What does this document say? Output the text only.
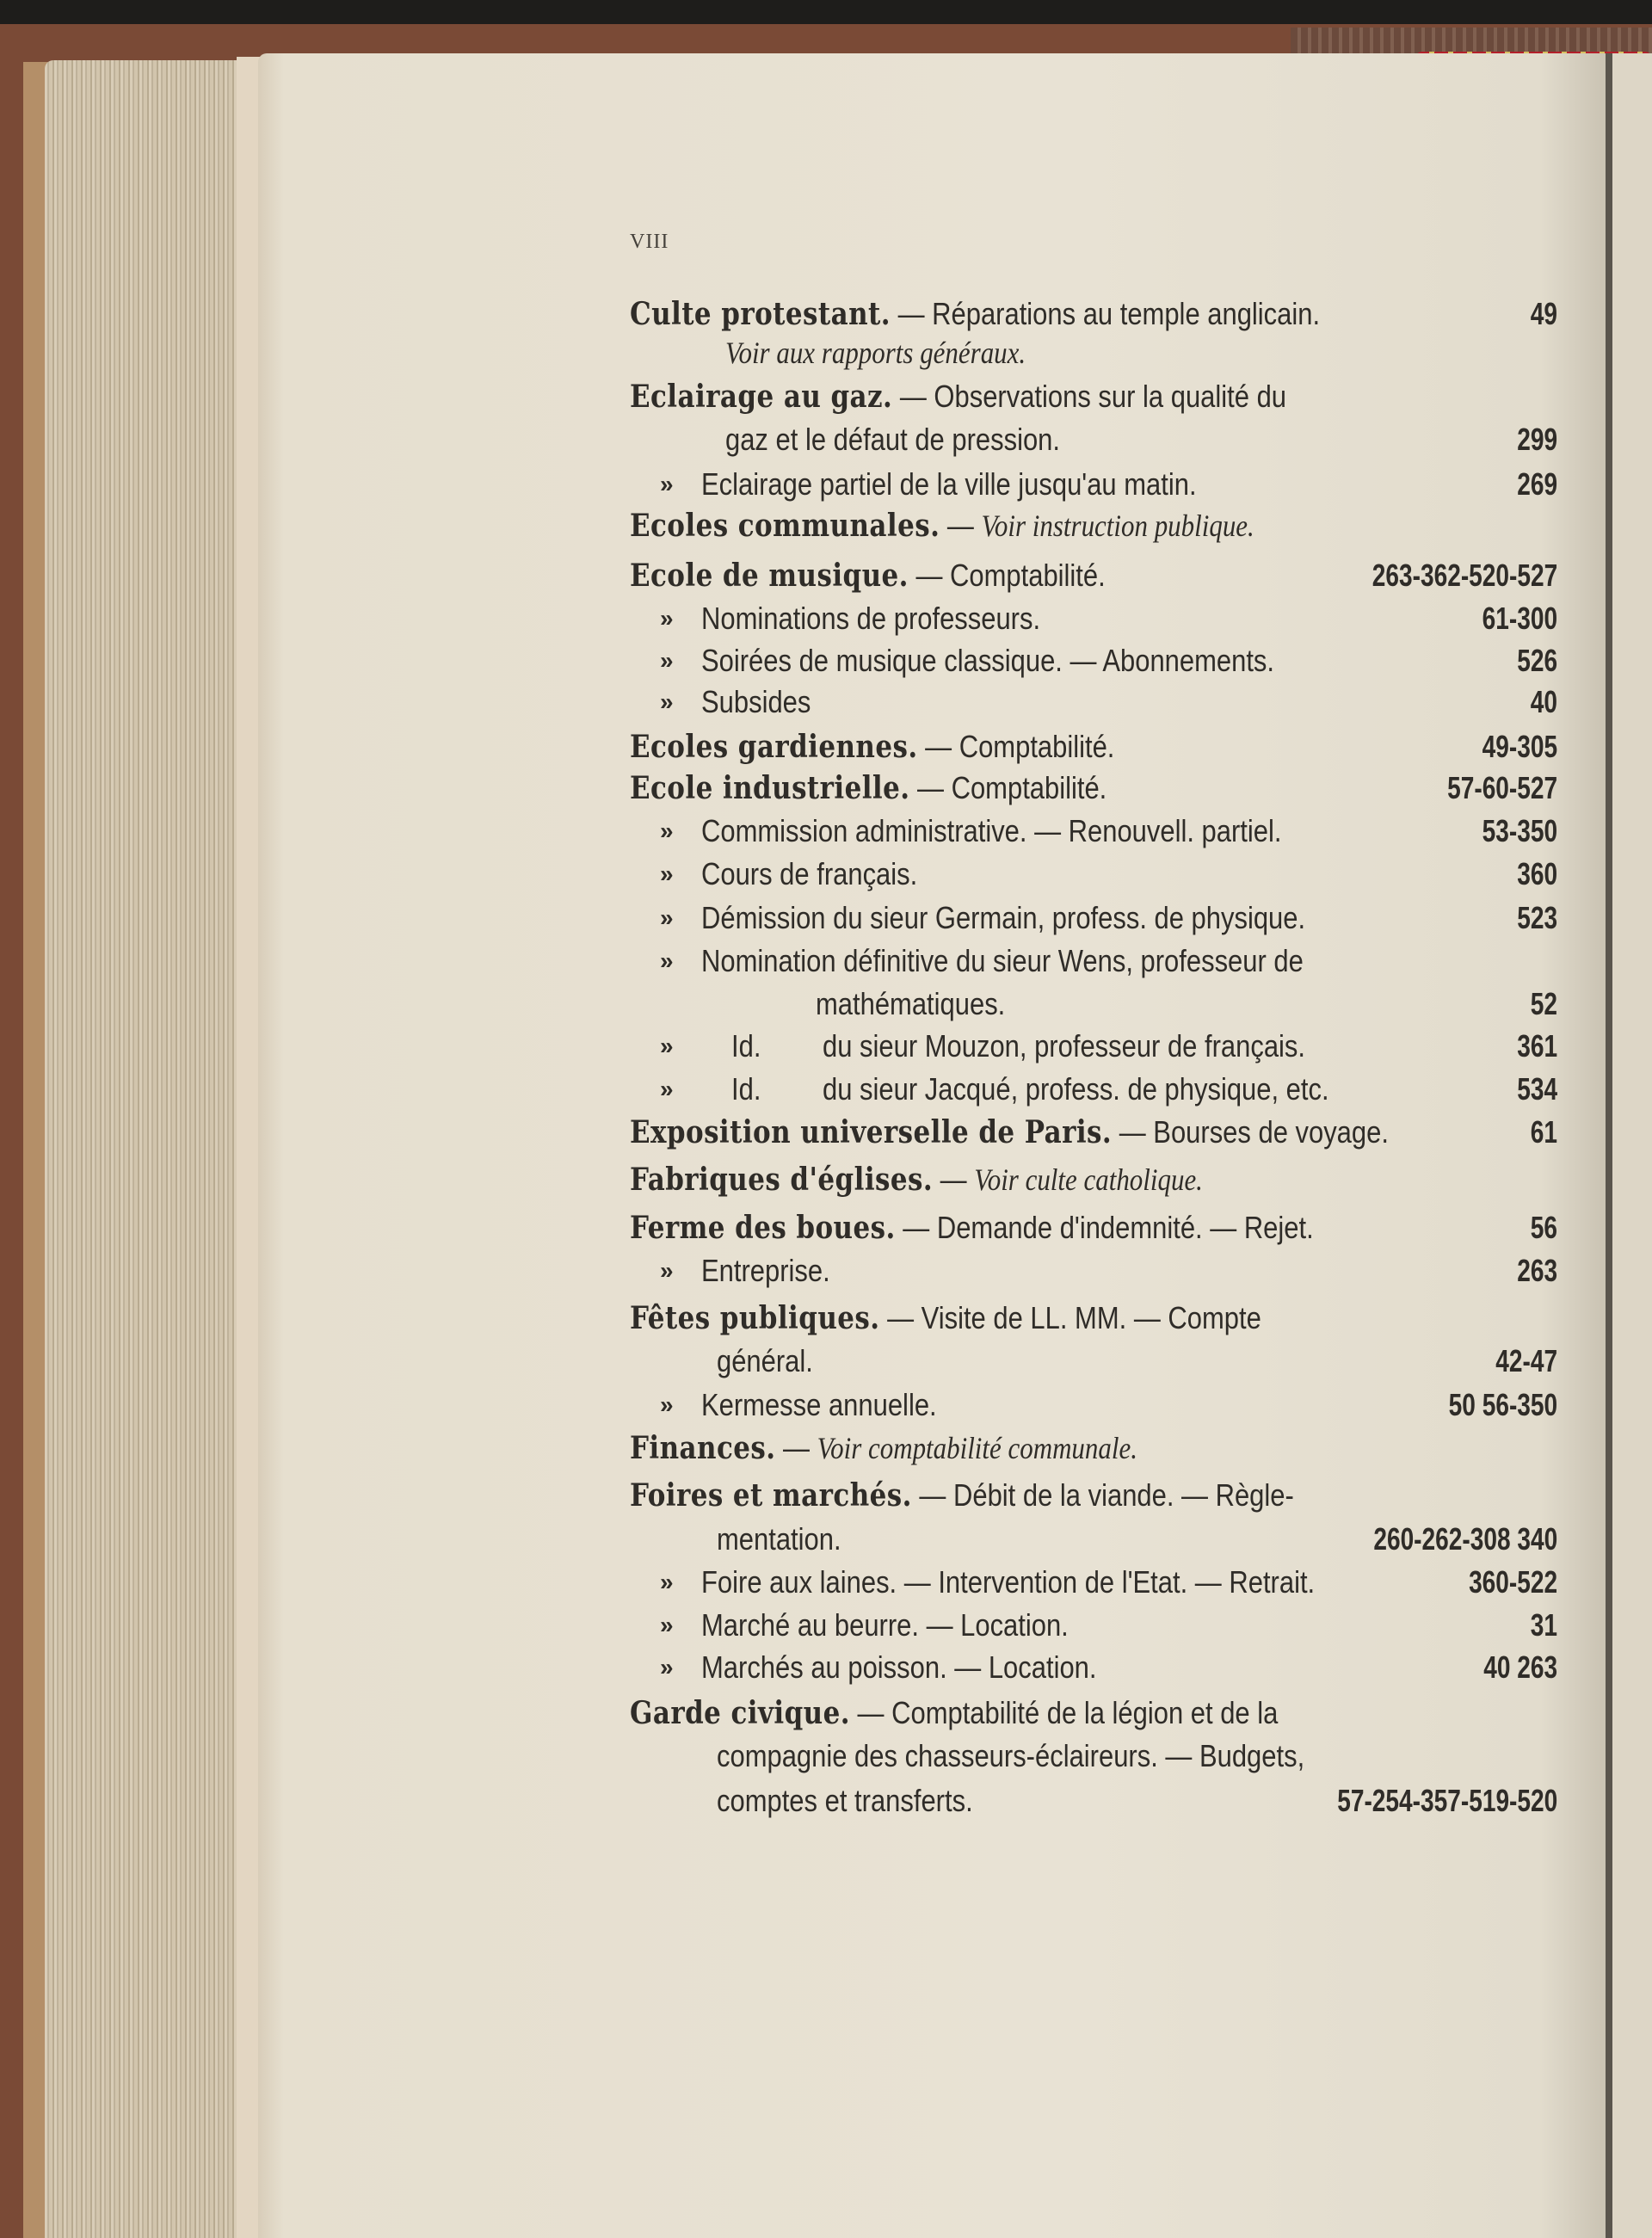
VIII
Culte protestant. — Réparations au temple anglicain.	49
Voir aux rapports généraux.
Eclairage au gaz. — Observations sur la qualité du
gaz et le défaut de pression.	299
» Eclairage partiel de la ville jusqu'au matin.	269
Ecoles communales. — Voir instruction publique.
Ecole de musique. — Comptabilité.	263-362-520-527
» Nominations de professeurs.	61-300
» Soirées de musique classique. — Abonnements.	526
» Subsides	40
Ecoles gardiennes. — Comptabilité.	49-305
Ecole industrielle. — Comptabilité.	57-60-527
» Commission administrative. — Renouvell. partiel.	53-350
» Cours de français.	360
» Démission du sieur Germain, profess. de physique.	523
» Nomination définitive du sieur Wens, professeur de
mathématiques.	52
» Id. du sieur Mouzon, professeur de français.	361
» Id. du sieur Jacqué, profess. de physique, etc.	534
Exposition universelle de Paris. — Bourses de voyage.	61
Fabriques d'églises. — Voir culte catholique.
Ferme des boues. — Demande d'indemnité. — Rejet.	56
» Entreprise.	263
Fêtes publiques. — Visite de LL. MM. — Compte
général.	42-47
» Kermesse annuelle.	50 56-350
Finances. — Voir comptabilité communale.
Foires et marchés. — Débit de la viande. — Règle-
mentation.	260-262-308 340
» Foire aux laines. — Intervention de l'Etat. — Retrait.	360-522
» Marché au beurre. — Location.	31
» Marchés au poisson. — Location.	40 263
Garde civique. — Comptabilité de la légion et de la
compagnie des chasseurs-éclaireurs. — Budgets,
comptes et transferts.	57-254-357-519-520
